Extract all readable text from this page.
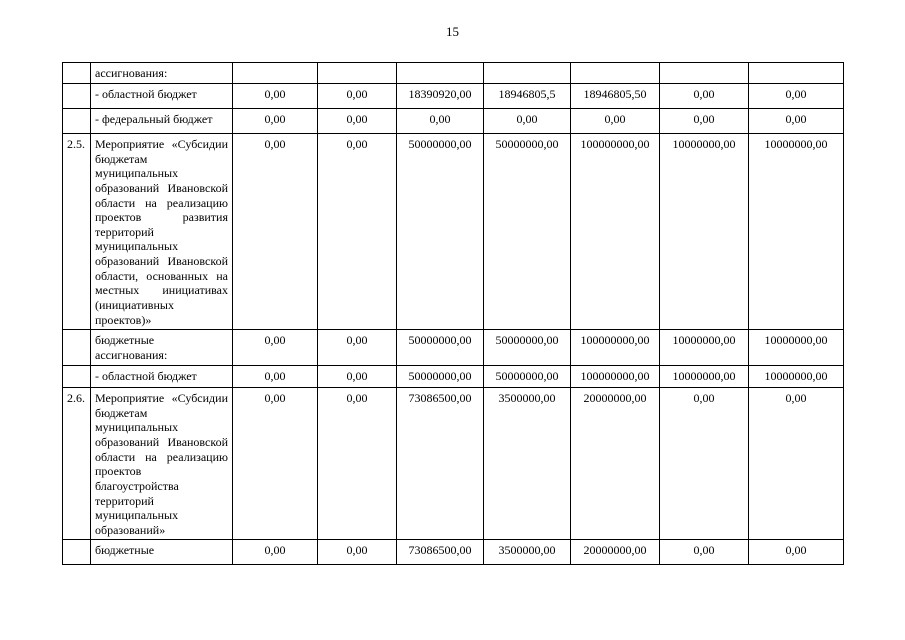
15
	ассигнования:							
	- областной бюджет	0,00	0,00	18390920,00	18946805,5	18946805,50	0,00	0,00
	- федеральный бюджет	0,00	0,00	0,00	0,00	0,00	0,00	0,00
2.5.	Мероприятие «Субсидии бюджетам муниципальных образований Ивановской области на реализацию проектов развития территорий муниципальных образований Ивановской области, основанных на местных инициативах (инициативных проектов)»	0,00	0,00	50000000,00	50000000,00	100000000,00	10000000,00	10000000,00
	бюджетные ассигнования:	0,00	0,00	50000000,00	50000000,00	100000000,00	10000000,00	10000000,00
	- областной бюджет	0,00	0,00	50000000,00	50000000,00	100000000,00	10000000,00	10000000,00
2.6.	Мероприятие «Субсидии бюджетам муниципальных образований Ивановской области на реализацию проектов благоустройства территорий муниципальных образований»	0,00	0,00	73086500,00	3500000,00	20000000,00	0,00	0,00
	бюджетные	0,00	0,00	73086500,00	3500000,00	20000000,00	0,00	0,00
